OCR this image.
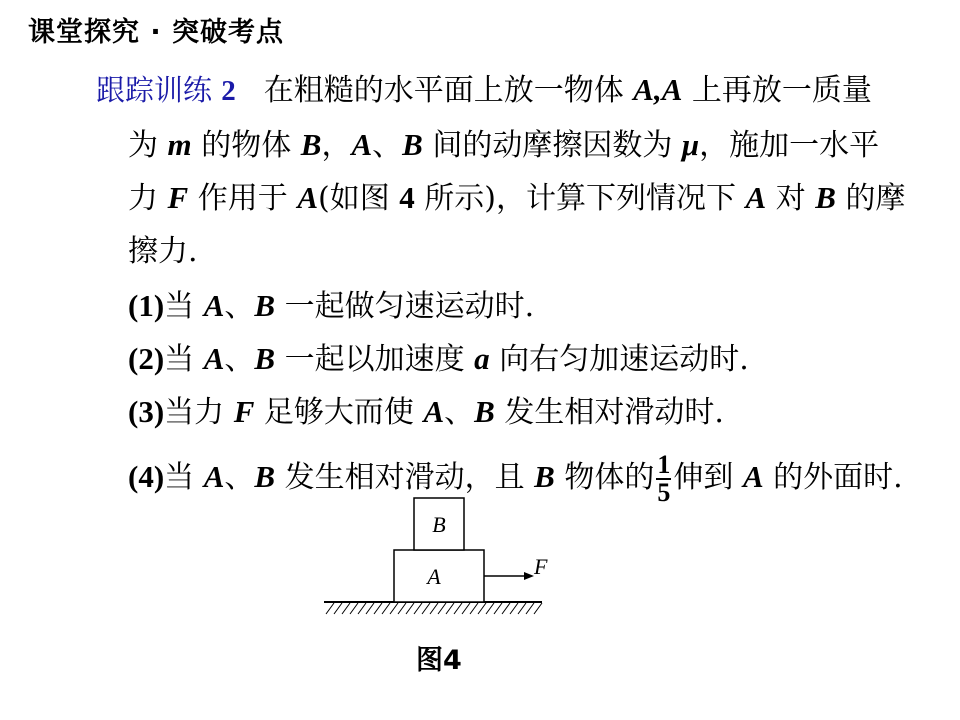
课堂探究 · 突破考点
跟踪训练 2 在粗糙的水平面上放一物体 A,A 上再放一质量
为 m 的物体 B，A、B 间的动摩擦因数为 μ，施加一水平
力 F 作用于 A(如图 4 所示)，计算下列情况下 A 对 B 的摩
擦力.
(1)当 A、B 一起做匀速运动时.
(2)当 A、B 一起以加速度 a 向右匀加速运动时.
(3)当力 F 足够大而使 A、B 发生相对滑动时.
(4)当 A、B 发生相对滑动，且 B 物体的 $\frac{1}{5}$ 伸到 A 的外面时.
A
B
F
图4
